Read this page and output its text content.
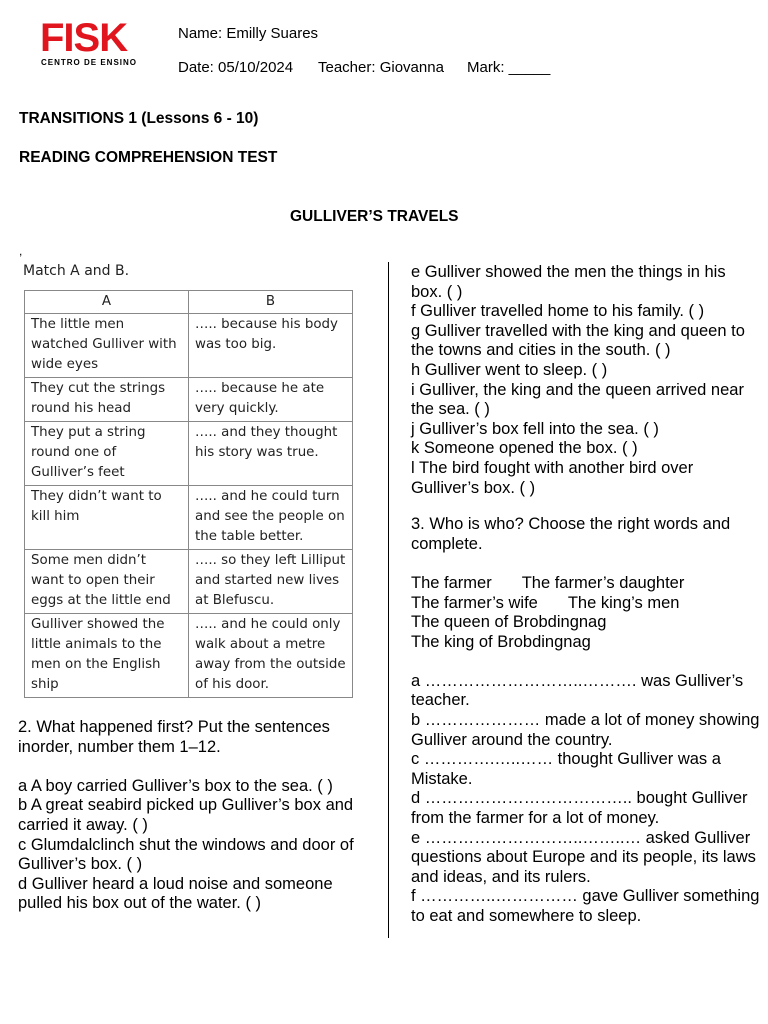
FISK
CENTRO DE ENSINO
Name: Emilly Suares
Date: 05/10/2024 Teacher: Giovanna Mark: _____
TRANSITIONS 1 (Lessons 6 - 10)
READING COMPREHENSION TEST
GULLIVER’S TRAVELS
,
Match A and B.
A	B
The little men watched Gulliver with wide eyes	….. because his body was too big.
They cut the strings round his head	….. because he ate very quickly.
They put a string round one of Gulliver’s feet	….. and they thought his story was true.
They didn’t want to kill him	….. and he could turn and see the people on the table better.
Some men didn’t want to open their eggs at the little end	….. so they left Lilliput and started new lives at Blefuscu.
Gulliver showed the little animals to the men on the English ship	….. and he could only walk about a metre away from the outside of his door.

2. What happened first? Put the sentences inorder, number them 1–12.

a A boy carried Gulliver’s box to the sea. ( )

b A great seabird picked up Gulliver’s box and carried it away. ( )

c Glumdalclinch shut the windows and door of Gulliver’s box. ( )

d Gulliver heard a loud noise and someone pulled his box out of the water. ( )

e Gulliver showed the men the things in his box. ( )

f Gulliver travelled home to his family. ( )

g Gulliver travelled with the king and queen to the towns and cities in the south. ( )

h Gulliver went to sleep. ( )

i Gulliver, the king and the queen arrived near the sea. ( )

j Gulliver’s box fell into the sea. ( )

k Someone opened the box. ( )

l The bird fought with another bird over Gulliver’s box. ( )

3. Who is who? Choose the right words and complete.

The farmer The farmer’s daughter

The farmer’s wife The king’s men

The queen of Brobdingnag

The king of Brobdingnag

a ………………………..………. was Gulliver’s teacher.

b ………………… made a lot of money showing Gulliver around the country.

c ………….…..…… thought Gulliver was a Mistake.

d ……………………………….. bought Gulliver from the farmer for a lot of money.

e ………………………..……..… asked Gulliver questions about Europe and its people, its laws and ideas, and its rulers.

f …………..…………… gave Gulliver something to eat and somewhere to sleep.
